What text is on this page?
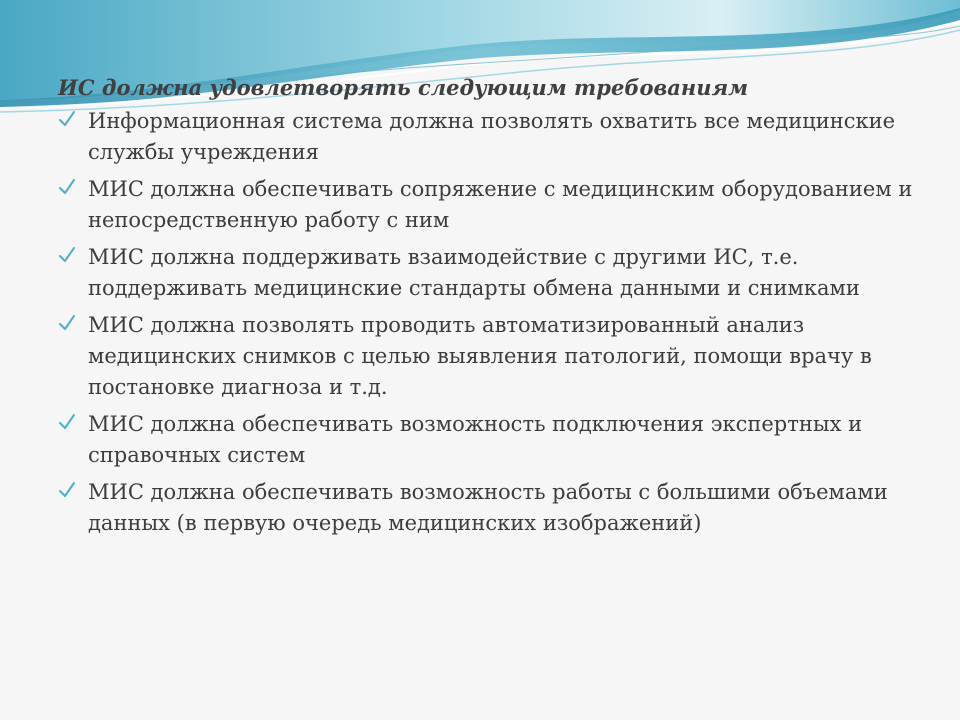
ИС должна удовлетворять следующим требованиям
Информационная система должна позволять охватить все медицинские службы учреждения
МИС должна обеспечивать сопряжение с медицинским оборудованием и непосредственную работу с ним
МИС должна поддерживать взаимодействие с другими ИС, т.е. поддерживать медицинские стандарты обмена данными и снимками
МИС должна позволять проводить автоматизированный анализ медицинских снимков с целью выявления патологий, помощи врачу в постановке диагноза и т.д.
МИС должна обеспечивать возможность подключения экспертных и справочных систем
МИС должна обеспечивать возможность работы с большими объемами данных (в первую очередь медицинских изображений)
